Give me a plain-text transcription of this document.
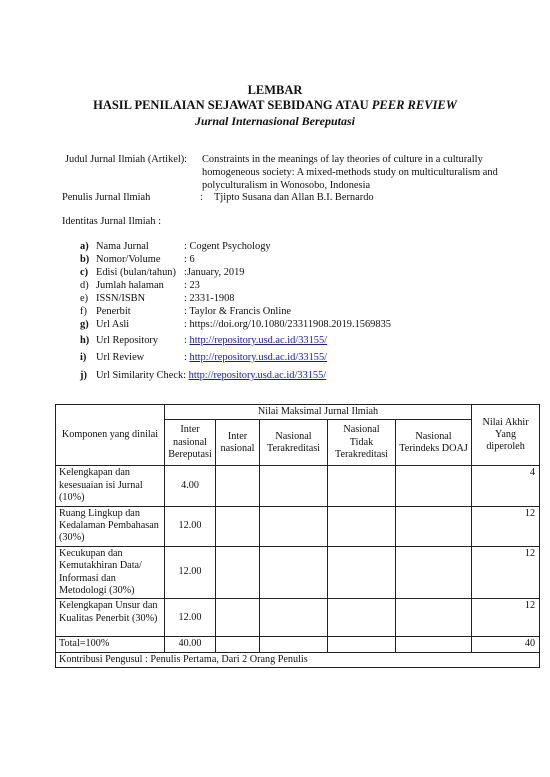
LEMBAR
HASIL PENILAIAN SEJAWAT SEBIDANG ATAU PEER REVIEW
Jurnal Internasional Bereputasi
Judul Jurnal Ilmiah (Artikel): Constraints in the meanings of lay theories of culture in a culturally
homogeneous society: A mixed-methods study on multiculturalism and
polyculturalism in Wonosobo, Indonesia
Penulis Jurnal Ilmiah	: Tjipto Susana dan Allan B.I. Bernardo
Identitas Jurnal Ilmiah :
a) Nama Jurnal	: Cogent Psychology
b) Nomor/Volume : 6
c) Edisi (bulan/tahun) :January, 2019
d) Jumlah halaman : 23
e) ISSN/ISBN	: 2331-1908
f) Penerbit	: Taylor & Francis Online
g) Url Asli	: https://doi.org/10.1080/23311908.2019.1569835
h) Url Repository : http://repository.usd.ac.id/33155/
i) Url Review	: http://repository.usd.ac.id/33155/
j) Url Similarity Check: http://repository.usd.ac.id/33155/
Komponen yang dinilai	Nilai Maksimal Jurnal Ilmiah					Nilai Akhir Yang diperoleh
	Inter nasional Bereputasi	Inter nasional	Nasional Terakreditasi	Nasional Tidak Terakreditasi	Nasional Terindeks DOAJ	
Kelengkapan dan kesesuaian isi Jurnal (10%)	4.00					4
Ruang Lingkup dan Kedalaman Pembahasan (30%)	12.00					12
Kecukupan dan Kemutakhiran Data/ Informasi dan Metodologi (30%)	12.00					12
Kelengkapan Unsur dan Kualitas Penerbit (30%)	12.00					12
Total=100%	40.00					40
Kontribusi Pengusul : Penulis Pertama, Dari 2 Orang Penulis						
